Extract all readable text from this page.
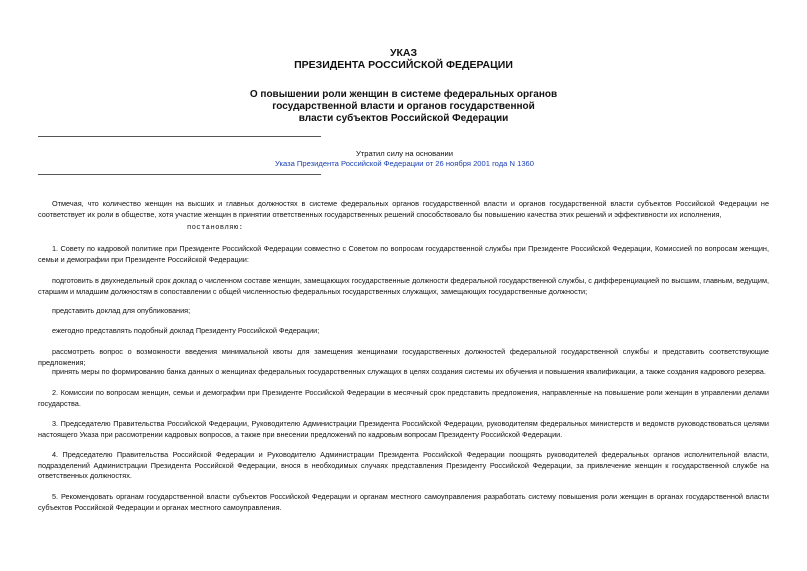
УКАЗ
ПРЕЗИДЕНТА РОССИЙСКОЙ ФЕДЕРАЦИИ
О повышении роли женщин в системе федеральных органов
государственной власти и органов государственной
власти субъектов Российской Федерации
Утратил силу на основании
Указа Президента Российской Федерации от 26 ноября 2001 года N 1360

Отмечая, что количество женщин на высших и главных должностях в системе федеральных органов государственной власти и органов государственной власти субъектов Российской Федерации не соответствует их роли в обществе, хотя участие женщин в принятии ответственных государственных решений способствовало бы повышению качества этих решений и эффективности их исполнения,

постановляю:

1. Совету по кадровой политике при Президенте Российской Федерации совместно с Советом по вопросам государственной службы при Президенте Российской Федерации, Комиссией по вопросам женщин, семьи и демографии при Президенте Российской Федерации:

подготовить в двухнедельный срок доклад о численном составе женщин, замещающих государственные должности федеральной государственной службы, с дифференциацией по высшим, главным, ведущим, старшим и младшим должностям в сопоставлении с общей численностью федеральных государственных служащих, замещающих государственные должности;

представить доклад для опубликования;

ежегодно представлять подобный доклад Президенту Российской Федерации;

рассмотреть вопрос о возможности введения минимальной квоты для замещения женщинами государственных должностей федеральной государственной службы и представить соответствующие предложения;

принять меры по формированию банка данных о женщинах федеральных государственных служащих в целях создания системы их обучения и повышения квалификации, а также создания кадрового резерва.

2. Комиссии по вопросам женщин, семьи и демографии при Президенте Российской Федерации в месячный срок представить предложения, направленные на повышение роли женщин в управлении делами государства.

3. Председателю Правительства Российской Федерации, Руководителю Администрации Президента Российской Федерации, руководителям федеральных министерств и ведомств руководствоваться целями настоящего Указа при рассмотрении кадровых вопросов, а также при внесении предложений по кадровым вопросам Президенту Российской Федерации.

4. Председателю Правительства Российской Федерации и Руководителю Администрации Президента Российской Федерации поощрять руководителей федеральных органов исполнительной власти, подразделений Администрации Президента Российской Федерации, внося в необходимых случаях представления Президенту Российской Федерации, за привлечение женщин к государственной службе на ответственных должностях.

5. Рекомендовать органам государственной власти субъектов Российской Федерации и органам местного самоуправления разработать систему повышения роли женщин в органах государственной власти субъектов Российской Федерации и органах местного самоуправления.
